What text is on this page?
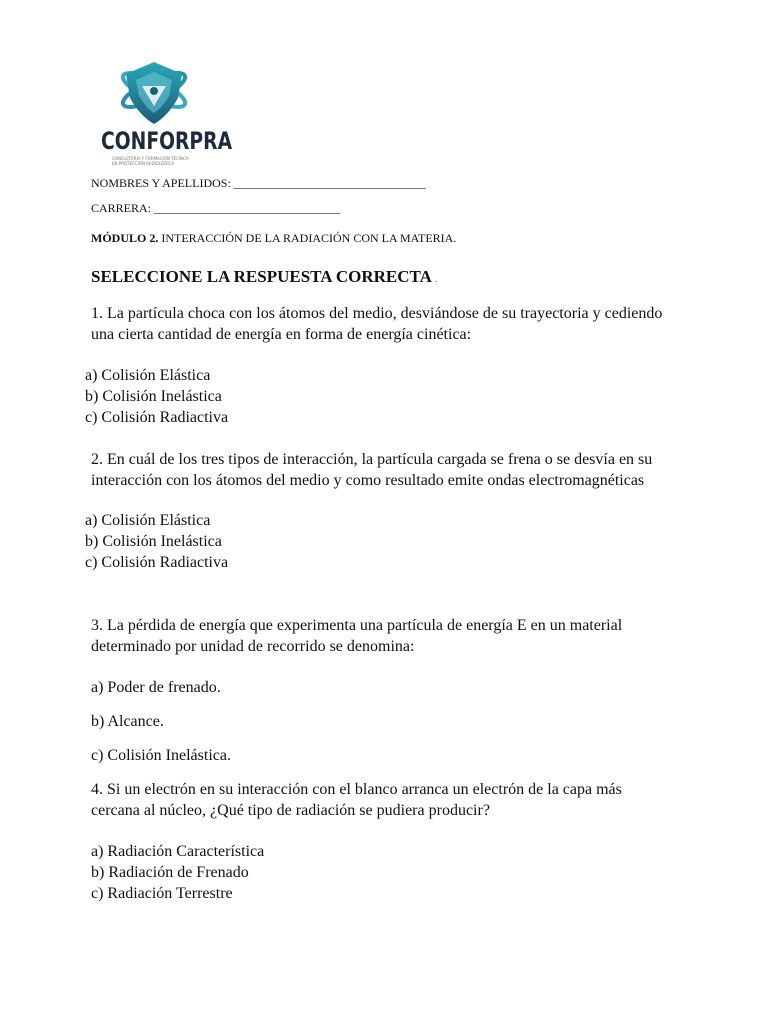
CONFORPRA
CONSULTORÍA Y FORMACIÓN TÉCNICA
EN PROTECCIÓN RADIOLÓGICA
NOMBRES Y APELLIDOS: ________________________________
CARRERA: _______________________________
MÓDULO 2. INTERACCIÓN DE LA RADIACIÓN CON LA MATERIA.
SELECCIONE LA RESPUESTA CORRECTA .
1. La partícula choca con los átomos del medio, desviándose de su trayectoria y cediendo
una cierta cantidad de energía en forma de energía cinética:
a) Colisión Elástica
b) Colisión Inelástica
c) Colisión Radiactiva
2. En cuál de los tres tipos de interacción, la partícula cargada se frena o se desvía en su
interacción con los átomos del medio y como resultado emite ondas electromagnéticas
a) Colisión Elástica
b) Colisión Inelástica
c) Colisión Radiactiva
3. La pérdida de energía que experimenta una partícula de energía E en un material
determinado por unidad de recorrido se denomina:
a) Poder de frenado.
b) Alcance.
c) Colisión Inelástica.
4. Si un electrón en su interacción con el blanco arranca un electrón de la capa más
cercana al núcleo, ¿Qué tipo de radiación se pudiera producir?
a) Radiación Característica
b) Radiación de Frenado
c) Radiación Terrestre
